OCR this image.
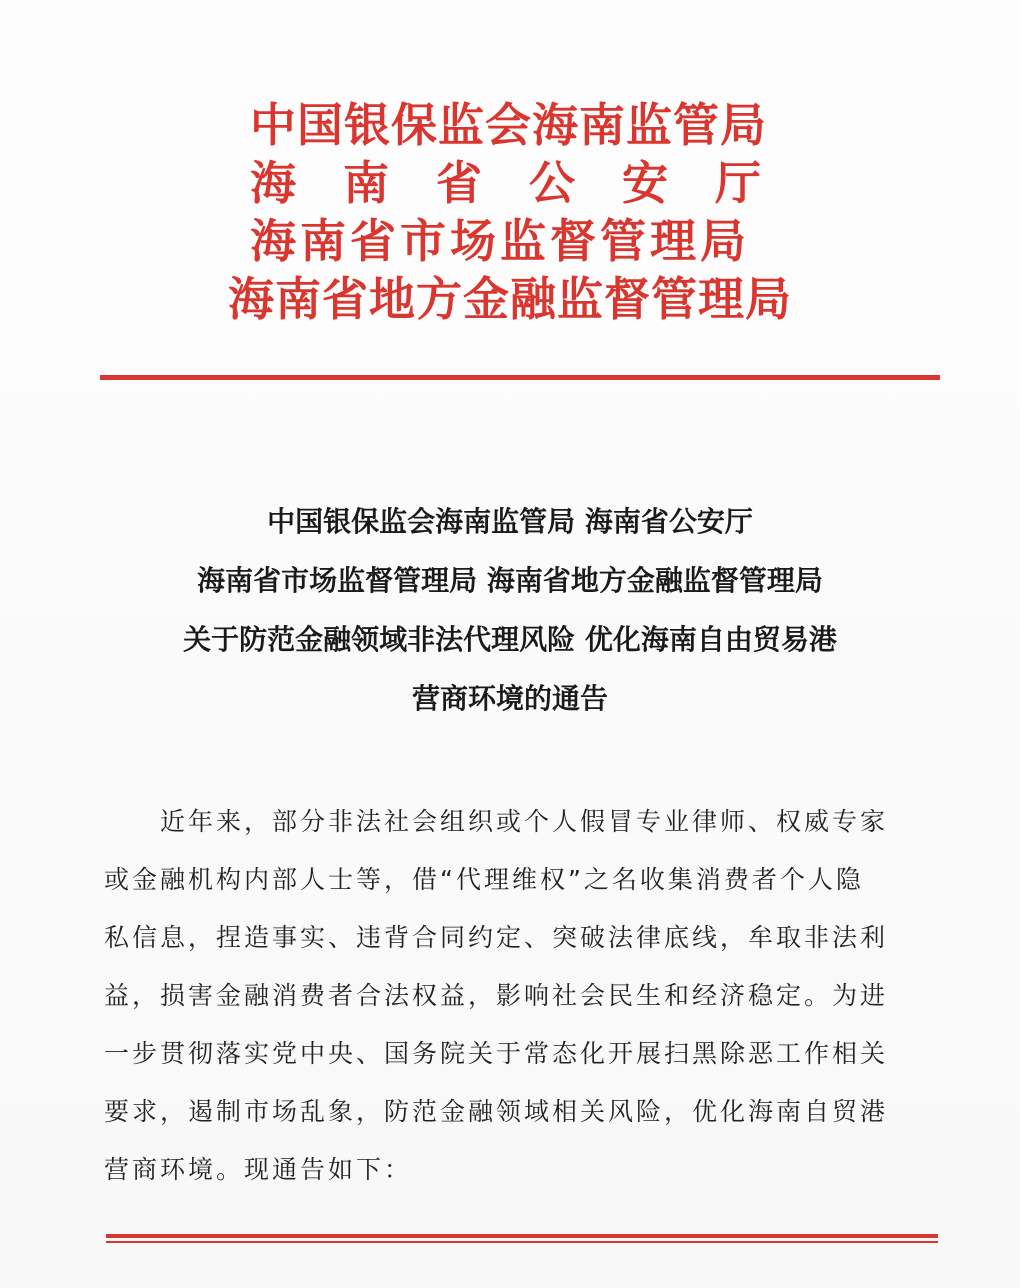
中国银保监会海南监管局
海南省公安厅
海南省市场监督管理局
海南省地方金融监督管理局
中国银保监会海南监管局 海南省公安厅
海南省市场监督管理局 海南省地方金融监督管理局
关于防范金融领域非法代理风险 优化海南自由贸易港
营商环境的通告
近年来，部分非法社会组织或个人假冒专业律师、权威专家
或金融机构内部人士等，借“代理维权”之名收集消费者个人隐
私信息，捏造事实、违背合同约定、突破法律底线，牟取非法利
益，损害金融消费者合法权益，影响社会民生和经济稳定。为进
一步贯彻落实党中央、国务院关于常态化开展扫黑除恶工作相关
要求，遏制市场乱象，防范金融领域相关风险，优化海南自贸港
营商环境。现通告如下：
